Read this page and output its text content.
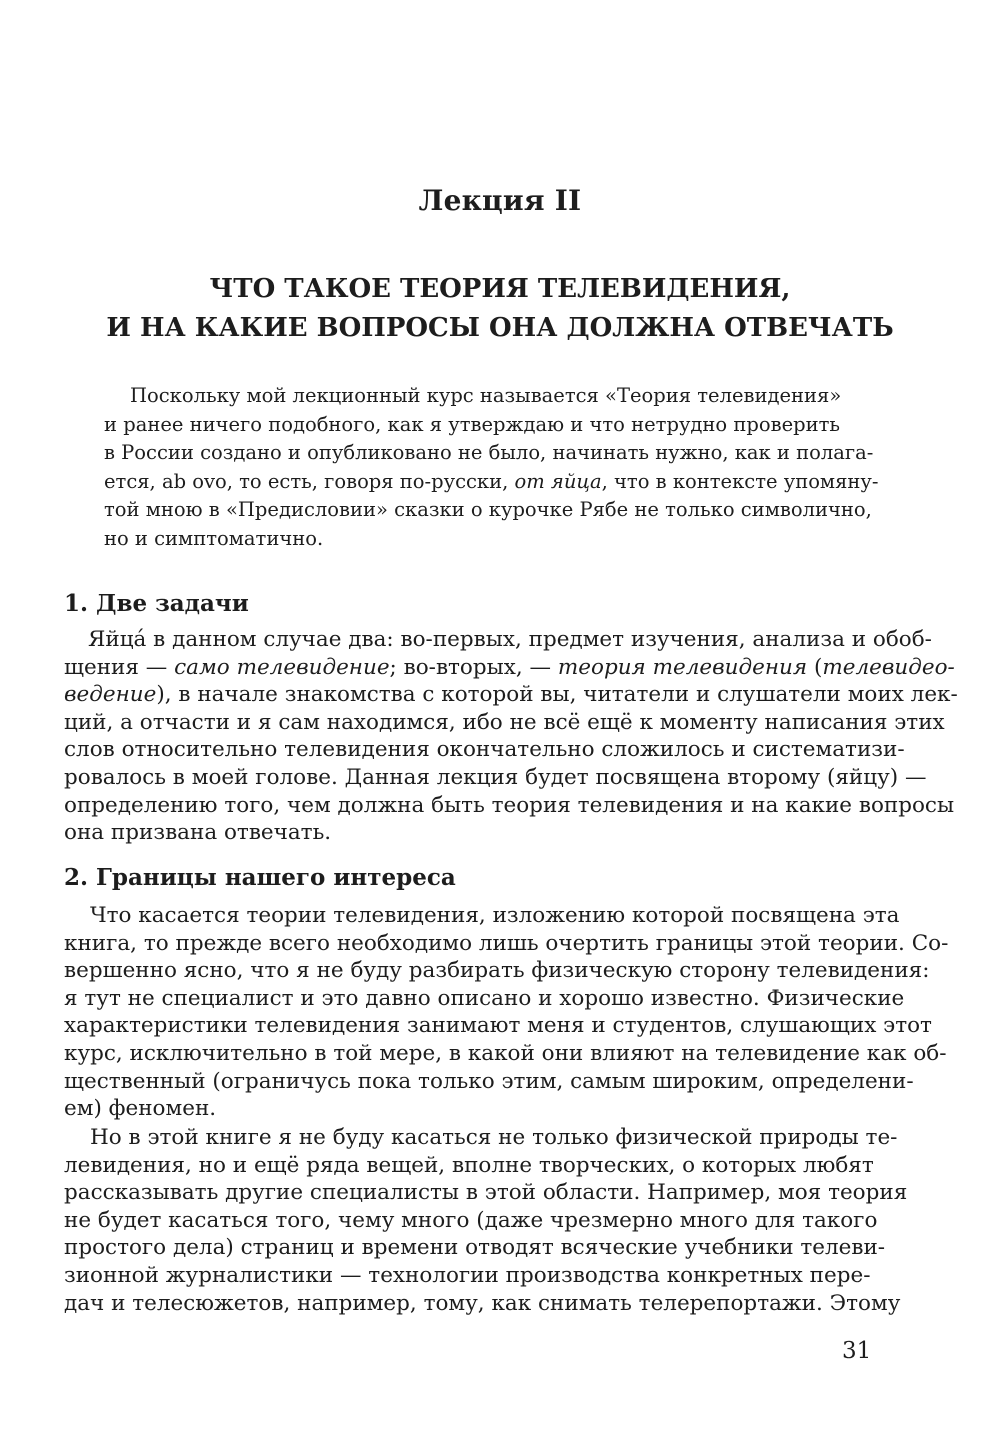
Лекция II
ЧТО ТАКОЕ ТЕОРИЯ ТЕЛЕВИДЕНИЯ,
И НА КАКИЕ ВОПРОСЫ ОНА ДОЛЖНА ОТВЕЧАТЬ
Поскольку мой лекционный курс называется «Теория телевидения»
и ранее ничего подобного, как я утверждаю и что нетрудно проверить
в России создано и опубликовано не было, начинать нужно, как и полага-
ется, ab ovo, то есть, говоря по-русски, от яйца, что в контексте упомяну-
той мною в «Предисловии» сказки о курочке Рябе не только символично,
но и симптоматично.
1. Две задачи
Яйца́ в данном случае два: во-первых, предмет изучения, анализа и обоб-
щения — само телевидение; во-вторых, — теория телевидения (телевидео-
ведение), в начале знакомства с которой вы, читатели и слушатели моих лек-
ций, а отчасти и я сам находимся, ибо не всё ещё к моменту написания этих
слов относительно телевидения окончательно сложилось и систематизи-
ровалось в моей голове. Данная лекция будет посвящена второму (яйцу) —
определению того, чем должна быть теория телевидения и на какие вопросы
она призвана отвечать.
2. Границы нашего интереса
Что касается теории телевидения, изложению которой посвящена эта
книга, то прежде всего необходимо лишь очертить границы этой теории. Со-
вершенно ясно, что я не буду разбирать физическую сторону телевидения:
я тут не специалист и это давно описано и хорошо известно. Физические
характеристики телевидения занимают меня и студентов, слушающих этот
курс, исключительно в той мере, в какой они влияют на телевидение как об-
щественный (ограничусь пока только этим, самым широким, определени-
ем) феномен.
Но в этой книге я не буду касаться не только физической природы те-
левидения, но и ещё ряда вещей, вполне творческих, о которых любят
рассказывать другие специалисты в этой области. Например, моя теория
не будет касаться того, чему много (даже чрезмерно много для такого
простого дела) страниц и времени отводят всяческие учебники телеви-
зионной журналистики — технологии производства конкретных пере-
дач и телесюжетов, например, тому, как снимать телерепортажи. Этому
31
